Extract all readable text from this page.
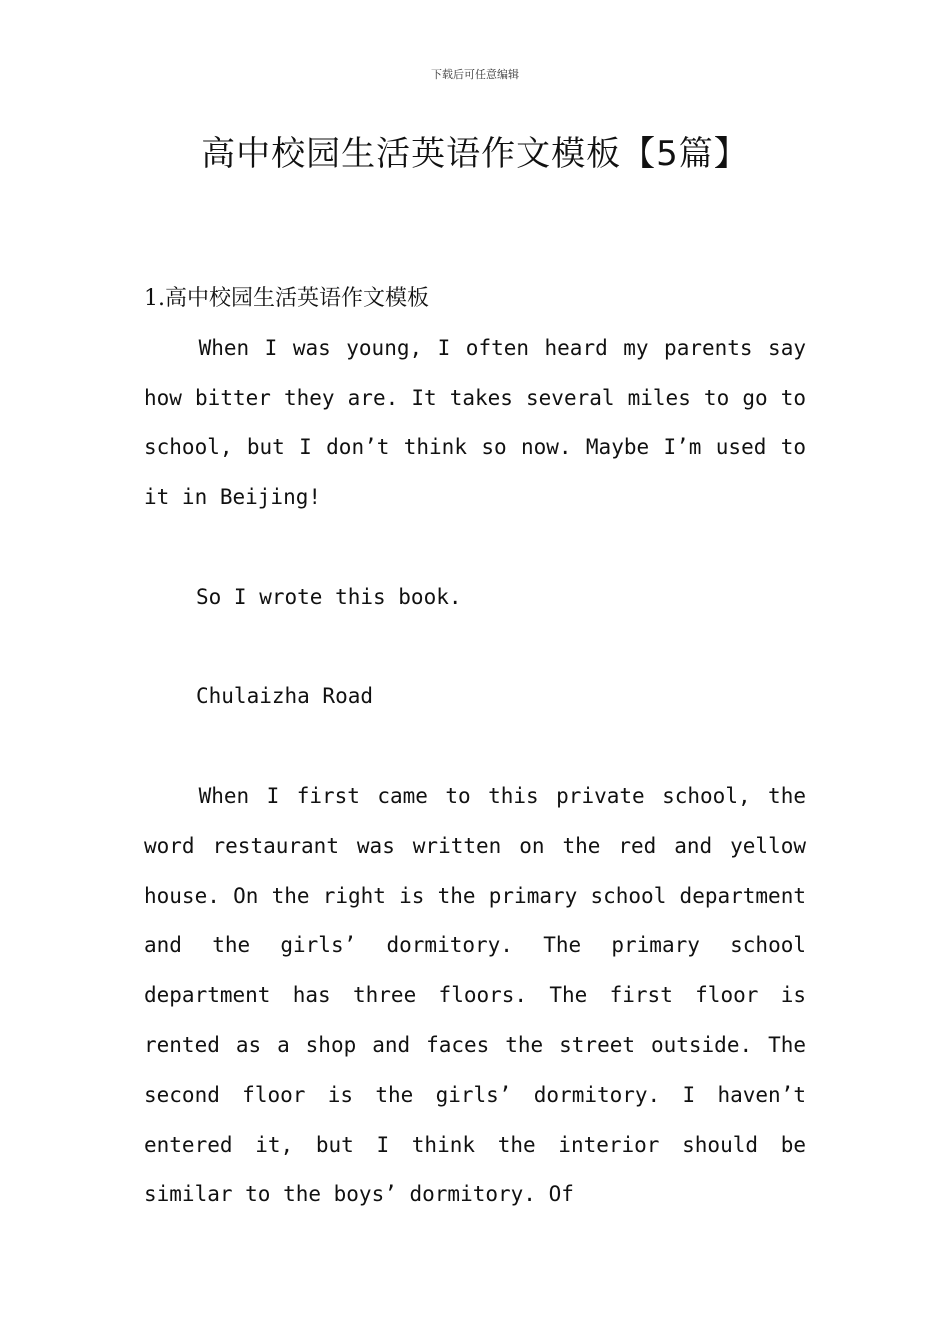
下载后可任意编辑
高中校园生活英语作文模板【5篇】
1.高中校园生活英语作文模板

When I was young, I often heard my parents say how bitter they are. It takes several miles to go to school, but I don’t think so now. Maybe I’m used to it in Beijing!

So I wrote this book.

Chulaizha Road

When I first came to this private school, the word restaurant was written on the red and yellow house. On the right is the primary school department and the girls’ dormitory. The primary school department has three floors. The first floor is rented as a shop and faces the street outside. The second floor is the girls’ dormitory. I haven’t entered it, but I think the interior should be similar to the boys’ dormitory. Of
